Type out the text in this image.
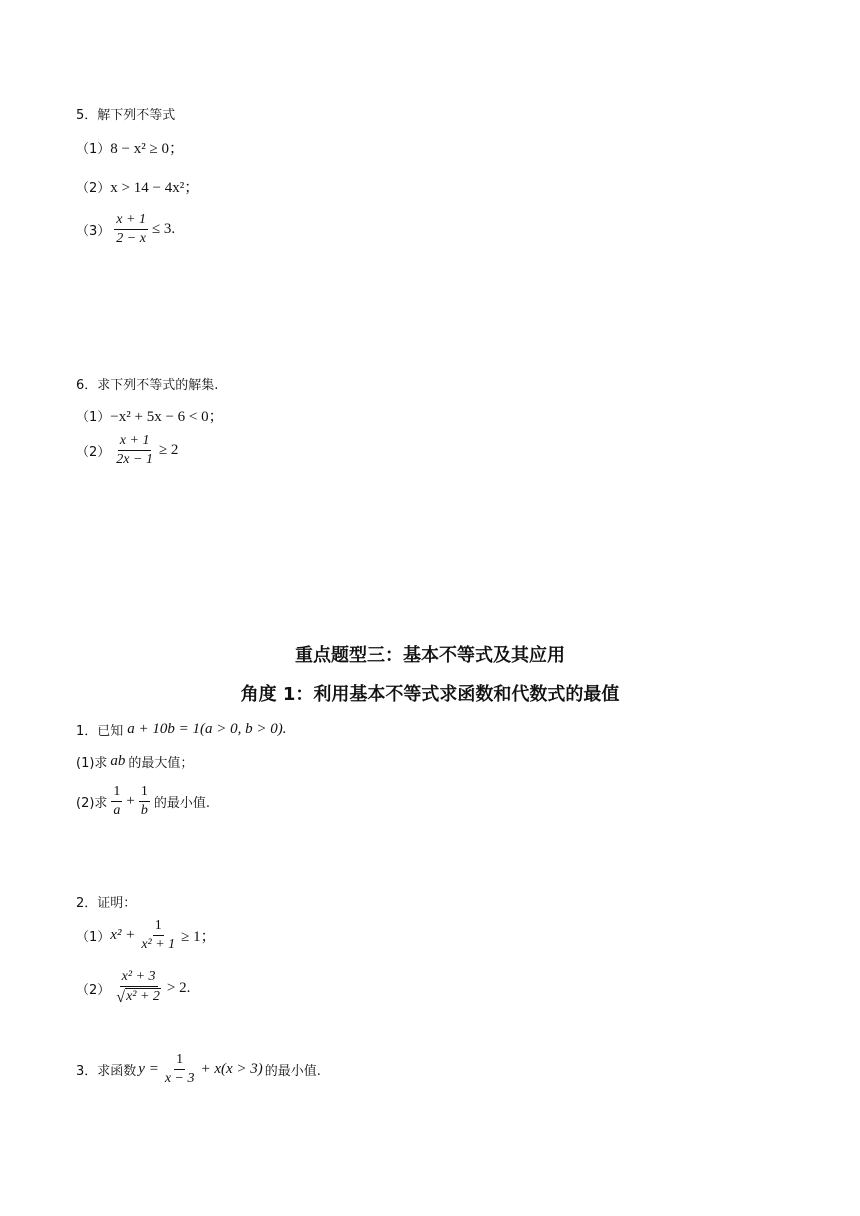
5．解下列不等式
（1） 8 − x² ≥ 0；
（2） x > 14 − 4x²；
$(3) \frac{x + 1}{2 - x} \le 3$.
6．求下列不等式的解集.
（1） −x² + 5x − 6 < 0；
$(2) \frac{x + 1}{2x - 1} \ge 2$
重点题型三：基本不等式及其应用
角度 1：利用基本不等式求函数和代数式的最值
1．已知 a + 10b = 1(a > 0, b > 0).
(1)求 ab 的最大值；
(2)求 $\frac{1}{a} + \frac{1}{b}$ 的最小值.
2．证明：
（1） $x^2 + \frac{1}{\text{x² + 1}} \ge 1$；
$(2) \frac{\text{x² + 3}}{\text{√ x² + 2}} > 2$.
3．求函数 $y = \frac{1}{x - 3} + x(x > 3)$ 的最小值.
